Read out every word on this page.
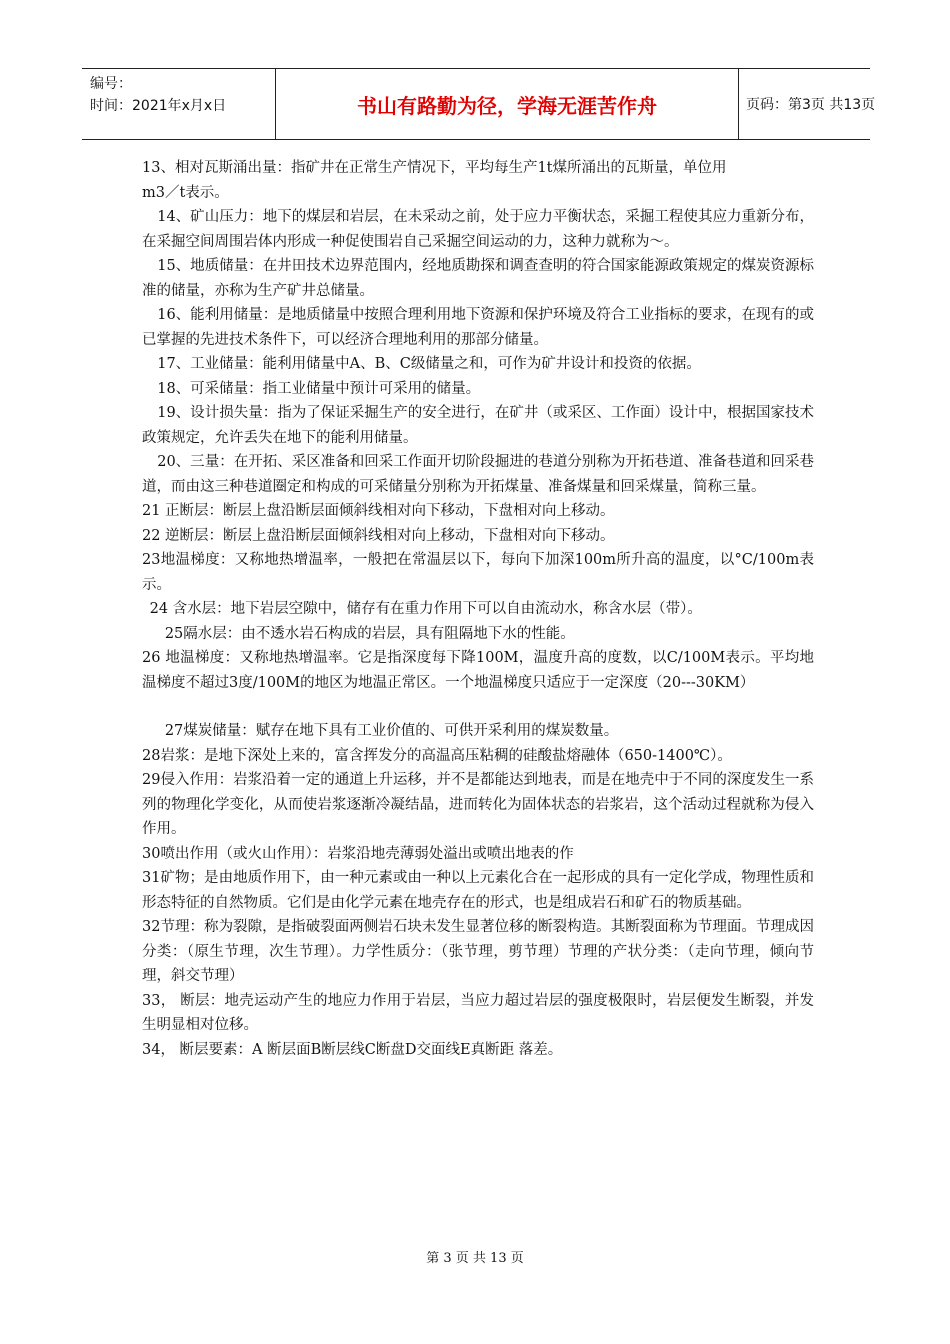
编号：
时间：2021年x月x日	书山有路勤为径，学海无涯苦作舟	页码：第3页 共13页

13、相对瓦斯涌出量：指矿井在正常生产情况下，平均每生产1t煤所涌出的瓦斯量，单位用

m3／t表示。

14、矿山压力：地下的煤层和岩层，在未采动之前，处于应力平衡状态，采掘工程使其应力重新分布，在采掘空间周围岩体内形成一种促使围岩自己采掘空间运动的力，这种力就称为～。

15、地质储量：在井田技术边界范围内，经地质勘探和调查查明的符合国家能源政策规定的煤炭资源标准的储量，亦称为生产矿井总储量。

16、能利用储量：是地质储量中按照合理利用地下资源和保护环境及符合工业指标的要求，在现有的或已掌握的先进技术条件下，可以经济合理地利用的那部分储量。

17、工业储量：能利用储量中A、B、C级储量之和，可作为矿井设计和投资的依据。

18、可采储量：指工业储量中预计可采用的储量。

19、设计损失量：指为了保证采掘生产的安全进行，在矿井（或采区、工作面）设计中，根据国家技术政策规定，允许丢失在地下的能利用储量。

20、三量：在开拓、采区准备和回采工作面开切阶段掘进的巷道分别称为开拓巷道、准备巷道和回采巷道，而由这三种巷道圈定和构成的可采储量分别称为开拓煤量、准备煤量和回采煤量，简称三量。

21 正断层：断层上盘沿断层面倾斜线相对向下移动，下盘相对向上移动。

22 逆断层：断层上盘沿断层面倾斜线相对向上移动，下盘相对向下移动。

23地温梯度：又称地热增温率，一般把在常温层以下，每向下加深100m所升高的温度，以°C/100m表示。

24 含水层：地下岩层空隙中，储存有在重力作用下可以自由流动水，称含水层（带）。

25隔水层：由不透水岩石构成的岩层，具有阻隔地下水的性能。

26 地温梯度：又称地热增温率。它是指深度每下降100M，温度升高的度数，以C/100M表示。平均地温梯度不超过3度/100M的地区为地温正常区。一个地温梯度只适应于一定深度（20---30KM）

27煤炭储量：赋存在地下具有工业价值的、可供开采利用的煤炭数量。

28岩浆：是地下深处上来的，富含挥发分的高温高压粘稠的硅酸盐熔融体（650-1400℃）。

29侵入作用：岩浆沿着一定的通道上升运移，并不是都能达到地表，而是在地壳中于不同的深度发生一系列的物理化学变化，从而使岩浆逐渐冷凝结晶，进而转化为固体状态的岩浆岩，这个活动过程就称为侵入作用。

30喷出作用（或火山作用）：岩浆沿地壳薄弱处溢出或喷出地表的作

31矿物；是由地质作用下，由一种元素或由一种以上元素化合在一起形成的具有一定化学成，物理性质和形态特征的自然物质。它们是由化学元素在地壳存在的形式，也是组成岩石和矿石的物质基础。

32节理：称为裂隙，是指破裂面两侧岩石块未发生显著位移的断裂构造。其断裂面称为节理面。节理成因分类：（原生节理，次生节理）。力学性质分：（张节理，剪节理）节理的产状分类：（走向节理，倾向节理，斜交节理）

33， 断层：地壳运动产生的地应力作用于岩层，当应力超过岩层的强度极限时，岩层便发生断裂，并发生明显相对位移。

34， 断层要素：A 断层面B断层线C断盘D交面线E真断距 落差。

第 3 页 共 13 页
